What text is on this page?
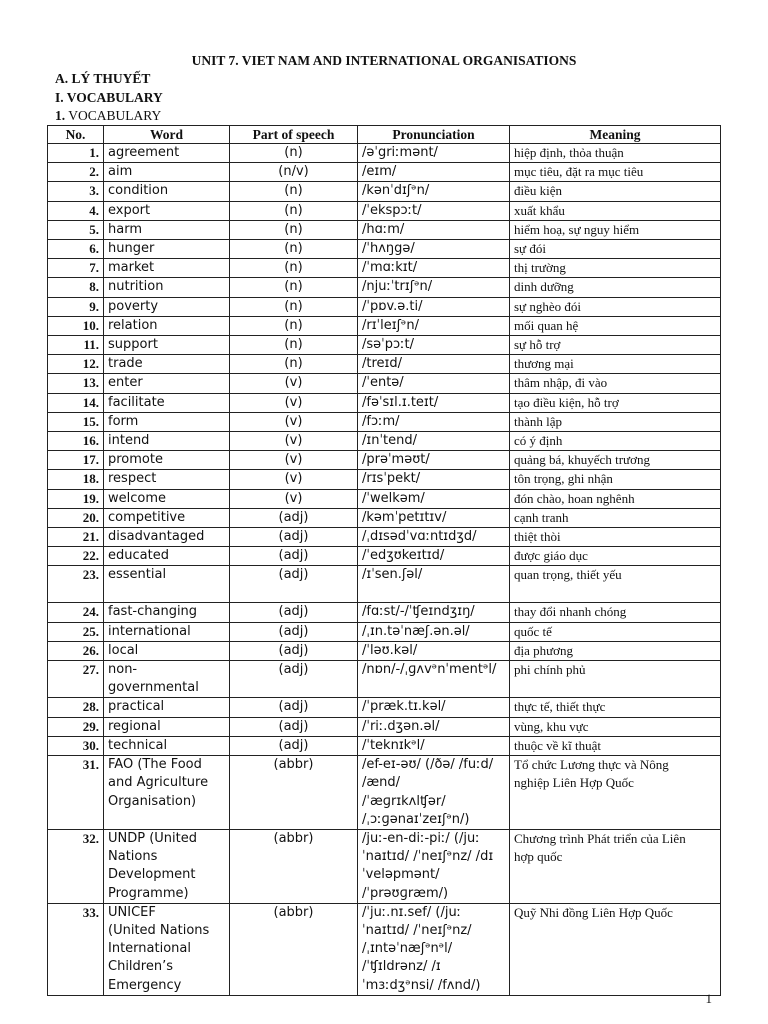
UNIT 7. VIET NAM AND INTERNATIONAL ORGANISATIONS
A. LÝ THUYẾT
I. VOCABULARY
1. VOCABULARY
No.	Word	Part of speech	Pronunciation	Meaning
1.	agreement	(n)	/əˈgriːmənt/	hiệp định, thỏa thuận
2.	aim	(n/v)	/eɪm/	mục tiêu, đặt ra mục tiêu
3.	condition	(n)	/kənˈdɪʃᵊn/	điều kiện
4.	export	(n)	/ˈekspɔːt/	xuất khẩu
5.	harm	(n)	/hɑːm/	hiểm hoạ, sự nguy hiểm
6.	hunger	(n)	/ˈhʌŋgə/	sự đói
7.	market	(n)	/ˈmɑːkɪt/	thị trường
8.	nutrition	(n)	/njuːˈtrɪʃᵊn/	dinh dưỡng
9.	poverty	(n)	/ˈpɒv.ə.ti/	sự nghèo đói
10.	relation	(n)	/rɪˈleɪʃᵊn/	mối quan hệ
11.	support	(n)	/səˈpɔːt/	sự hỗ trợ
12.	trade	(n)	/treɪd/	thương mại
13.	enter	(v)	/ˈentə/	thâm nhập, đi vào
14.	facilitate	(v)	/fəˈsɪl.ɪ.teɪt/	tạo điều kiện, hỗ trợ
15.	form	(v)	/fɔːm/	thành lập
16.	intend	(v)	/ɪnˈtend/	có ý định
17.	promote	(v)	/prəˈməʊt/	quảng bá, khuyếch trương
18.	respect	(v)	/rɪsˈpekt/	tôn trọng, ghi nhận
19.	welcome	(v)	/ˈwelkəm/	đón chào, hoan nghênh
20.	competitive	(adj)	/kəmˈpetɪtɪv/	cạnh tranh
21.	disadvantaged	(adj)	/ˌdɪsədˈvɑːntɪdʒd/	thiệt thòi
22.	educated	(adj)	/ˈedʒʊkeɪtɪd/	được giáo dục
23.	essential	(adj)	/ɪˈsen.ʃəl/	quan trọng, thiết yếu
24.	fast-changing	(adj)	/fɑːst/-/ˈʧeɪndʒɪŋ/	thay đổi nhanh chóng
25.	international	(adj)	/ˌɪn.təˈnæʃ.ən.əl/	quốc tế
26.	local	(adj)	/ˈləʊ.kəl/	địa phương
27.	non-
governmental	(adj)	/nɒn/-/ˌɡʌvᵊnˈmentᵊl/	phi chính phủ
28.	practical	(adj)	/ˈpræk.tɪ.kəl/	thực tế, thiết thực
29.	regional	(adj)	/ˈriː.dʒən.əl/	vùng, khu vực
30.	technical	(adj)	/ˈteknɪkᵊl/	thuộc về kĩ thuật
31.	FAO (The Food
and Agriculture
Organisation)	(abbr)	/ef-eɪ-əʊ/ (/ðə/ /fuːd/
/ænd/
/ˈæɡrɪkʌlʧər/
/ˌɔːɡənaɪˈzeɪʃᵊn/)	Tổ chức Lương thực và Nông
nghiệp Liên Hợp Quốc
32.	UNDP (United
Nations
Development
Programme)	(abbr)	/juː-en-diː-piː/ (/juː
ˈnaɪtɪd/ /ˈneɪʃᵊnz/ /dɪ
ˈveləpmənt/
/ˈprəʊɡræm/)	Chương trình Phát triển của Liên
hợp quốc
33.	UNICEF
(United Nations
International
Children’s
Emergency	(abbr)	/ˈjuː.nɪ.sef/ (/juː
ˈnaɪtɪd/ /ˈneɪʃᵊnz/
/ˌɪntəˈnæʃᵊnᵊl/
/ˈʧɪldrənz/ /ɪ
ˈmɜːdʒᵊnsi/ /fʌnd/)	Quỹ Nhi đồng Liên Hợp Quốc
1
